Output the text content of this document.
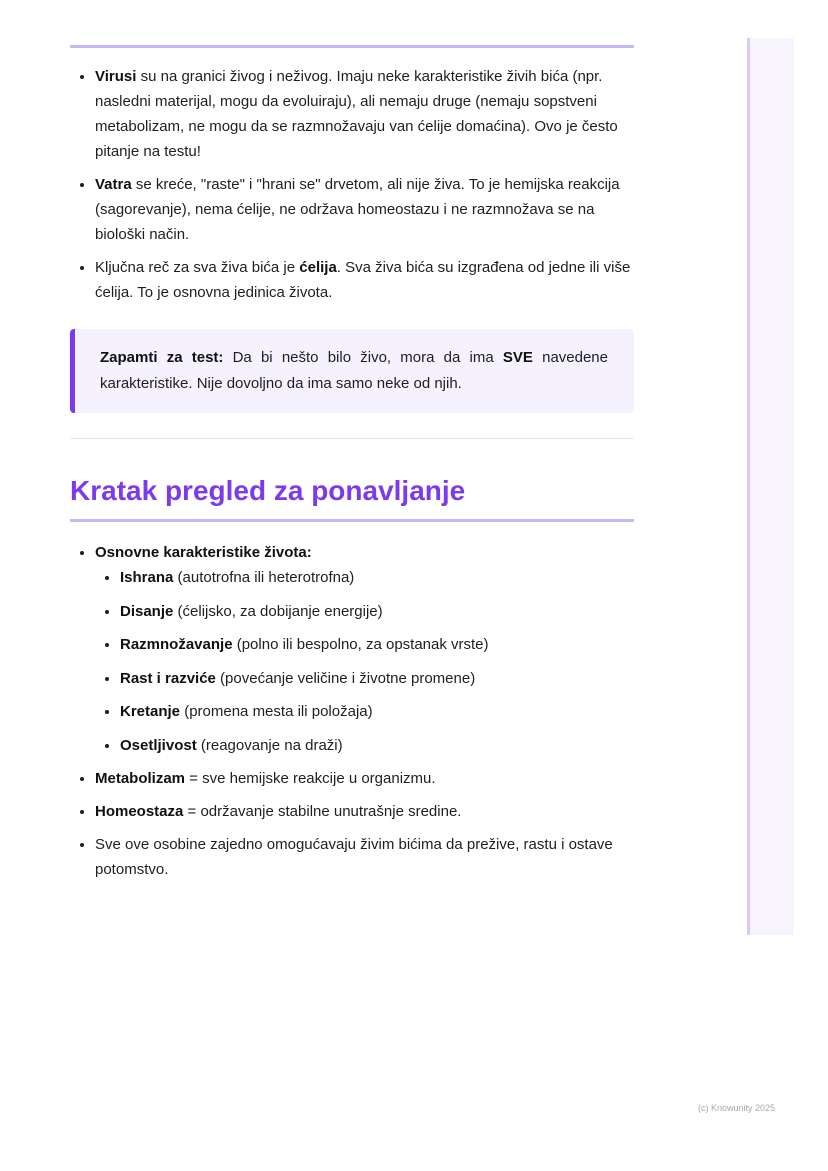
• Virusi su na granici živog i neživog. Imaju neke karakteristike živih bića (npr. nasledni materijal, mogu da evoluiraju), ali nemaju druge (nemaju sopstveni metabolizam, ne mogu da se razmnožavaju van ćelije domaćina). Ovo je često pitanje na testu!
• Vatra se kreće, "raste" i "hrani se" drvetom, ali nije živa. To je hemijska reakcija (sagorevanje), nema ćelije, ne održava homeostazu i ne razmnožava se na biološki način.
• Ključna reč za sva živa bića je ćelija. Sva živa bića su izgrađena od jedne ili više ćelija. To je osnovna jedinica života.
Zapamti za test: Da bi nešto bilo živo, mora da ima SVE navedene karakteristike. Nije dovoljno da ima samo neke od njih.
Kratak pregled za ponavljanje
• Osnovne karakteristike života:
• Ishrana (autotrofna ili heterotrofna)
• Disanje (ćelijsko, za dobijanje energije)
• Razmnožavanje (polno ili bespolno, za opstanak vrste)
• Rast i razviće (povećanje veličine i životne promene)
• Kretanje (promena mesta ili položaja)
• Osetljivost (reagovanje na draži)
• Metabolizam = sve hemijske reakcije u organizmu.
• Homeostaza = održavanje stabilne unutrašnje sredine.
• Sve ove osobine zajedno omogućavaju živim bićima da prežive, rastu i ostave potomstvo.
(c) Knowunity 2025
